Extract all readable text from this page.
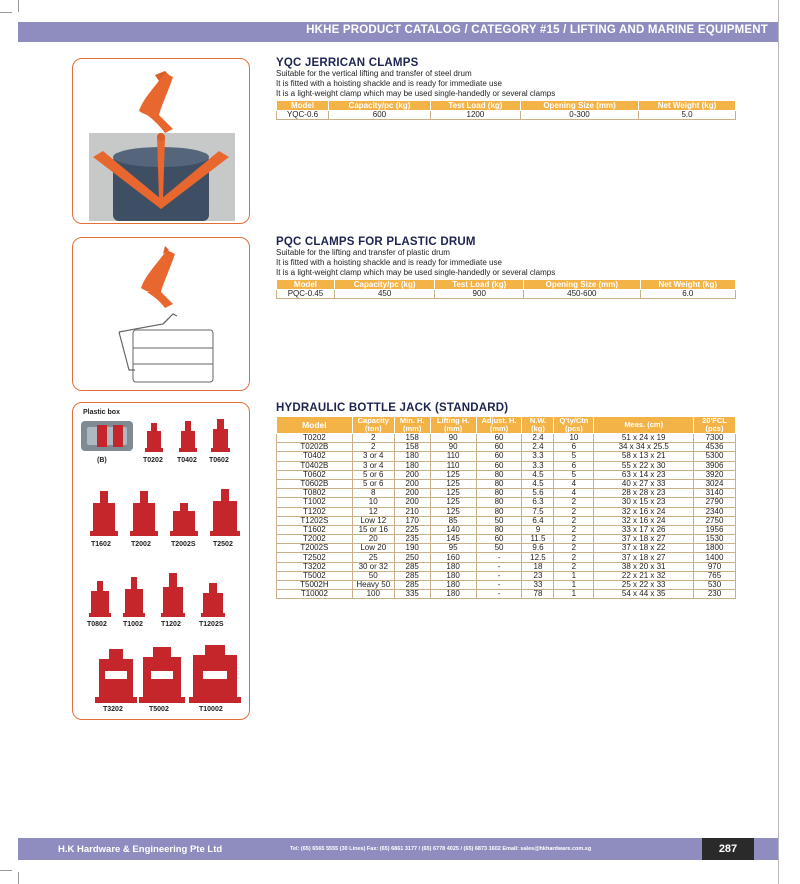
HKHE PRODUCT CATALOG / CATEGORY #15 / LIFTING AND MARINE EQUIPMENT
Plastic box
(B)	T0202 T0402 T0602
T1602	T2002	T2002S T2502
T0802 T1002	T1202	T1202S
T3202	T5002	T10002
YQC JERRICAN CLAMPS
Suitable for the vertical lifting and transfer of steel drum
It is fitted with a hoisting shackle and is ready for immediate use
It is a light-weight clamp which may be used single-handedly or several clamps
Model	Capacity/pc (kg)	Test Load (kg)	Opening Size (mm)	Net Weight (kg)
YQC-0.6	600	1200	0-300	5.0
PQC CLAMPS FOR PLASTIC DRUM
Suitable for the lifting and transfer of plastic drum
It is fitted with a hoisting shackle and is ready for immediate use
It is a light-weight clamp which may be used single-handedly or several clamps
Model	Capacity/pc (kg)	Test Load (kg)	Opening Size (mm)	Net Weight (kg)
PQC-0.45	450	900	450-600	6.0
HYDRAULIC BOTTLE JACK (STANDARD)
Model	Capacity (ton)	Min. H. (mm)	Lifting H. (mm)	Adjust. H. (mm)	N.W. (kg)	Q'ty/Ctn (pcs)	Meas. (cm)	20'FCL (pcs)
T0202	2	158	90	60	2.4	10	51 x 24 x 19	7300
T0202B	2	158	90	60	2.4	6	34 x 34 x 25.5	4536
T0402	3 or 4	180	110	60	3.3	5	58 x 13 x 21	5300
T0402B	3 or 4	180	110	60	3.3	6	55 x 22 x 30	3906
T0602	5 or 6	200	125	80	4.5	5	63 x 14 x 23	3920
T0602B	5 or 6	200	125	80	4.5	4	40 x 27 x 33	3024
T0802	8	200	125	80	5.6	4	28 x 28 x 23	3140
T1002	10	200	125	80	6.3	2	30 x 15 x 23	2790
T1202	12	210	125	80	7.5	2	32 x 16 x 24	2340
T1202S	Low 12	170	85	50	6.4	2	32 x 16 x 24	2750
T1602	15 or 16	225	140	80	9	2	33 x 17 x 26	1956
T2002	20	235	145	60	11.5	2	37 x 18 x 27	1530
T2002S	Low 20	190	95	50	9.6	2	37 x 18 x 22	1800
T2502	25	250	160	-	12.5	2	37 x 18 x 27	1400
T3202	30 or 32	285	180	-	18	2	38 x 20 x 31	970
T5002	50	285	180	-	23	1	22 x 21 x 32	765
T5002H	Heavy 50	285	180	-	33	1	25 x 22 x 33	530
T10002	100	335	180	-	78	1	54 x 44 x 35	230
H.K Hardware & Engineering Pte Ltd	Tel: (65) 6565 5555 (30 Lines) Fax: (65) 6861 3177 / (65) 6778 4025 / (65) 6873 1602 Email: sales@hkhardware.com.sg	287
